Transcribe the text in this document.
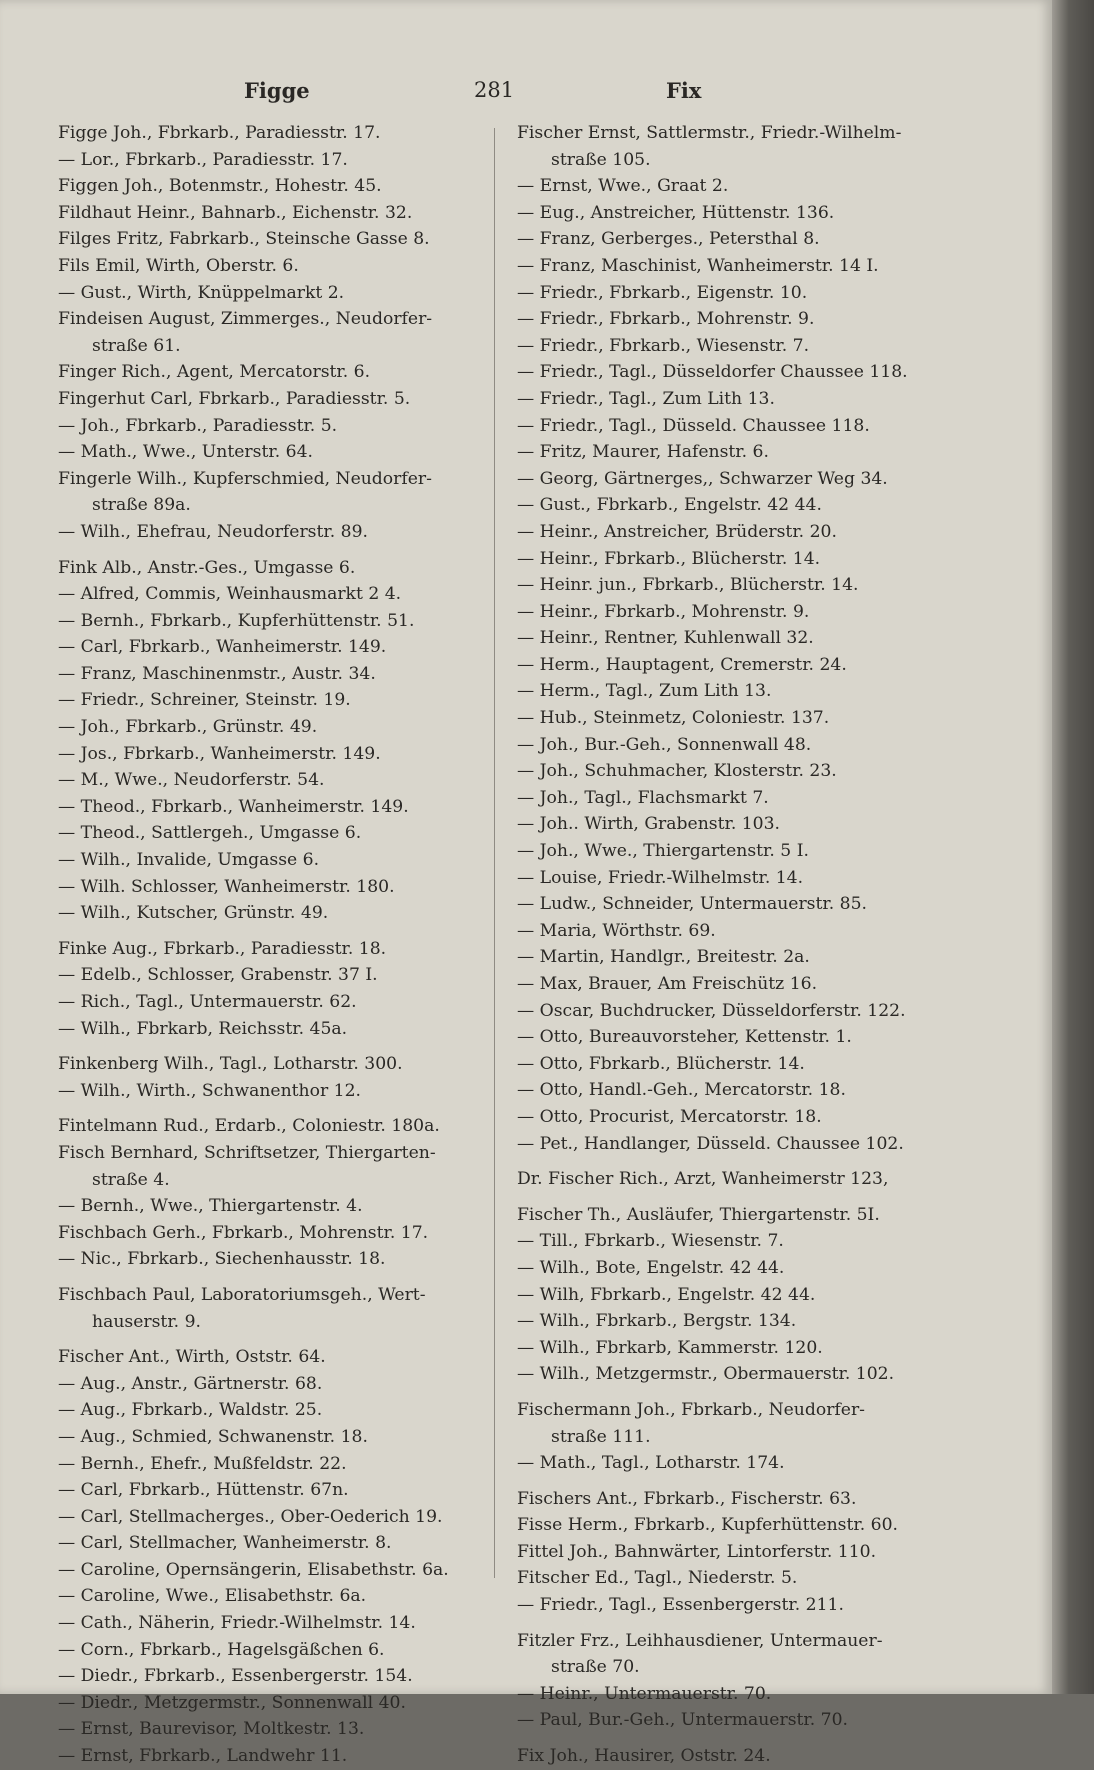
Figge	281	Fix
Figge Joh., Fbrkarb., Paradiesstr. 17.
— Lor., Fbrkarb., Paradiesstr. 17.
Figgen Joh., Botenmstr., Hohestr. 45.
Fildhaut Heinr., Bahnarb., Eichenstr. 32.
Filges Fritz, Fabrkarb., Steinsche Gasse 8.
Fils Emil, Wirth, Oberstr. 6.
— Gust., Wirth, Knüppelmarkt 2.
Findeisen August, Zimmerges., Neudorfer-
straße 61.
Finger Rich., Agent, Mercatorstr. 6.
Fingerhut Carl, Fbrkarb., Paradiesstr. 5.
— Joh., Fbrkarb., Paradiesstr. 5.
— Math., Wwe., Unterstr. 64.
Fingerle Wilh., Kupferschmied, Neudorfer-
straße 89a.
— Wilh., Ehefrau, Neudorferstr. 89.
Fink Alb., Anstr.-Ges., Umgasse 6.
— Alfred, Commis, Weinhausmarkt 2 4.
— Bernh., Fbrkarb., Kupferhüttenstr. 51.
— Carl, Fbrkarb., Wanheimerstr. 149.
— Franz, Maschinenmstr., Austr. 34.
— Friedr., Schreiner, Steinstr. 19.
— Joh., Fbrkarb., Grünstr. 49.
— Jos., Fbrkarb., Wanheimerstr. 149.
— M., Wwe., Neudorferstr. 54.
— Theod., Fbrkarb., Wanheimerstr. 149.
— Theod., Sattlergeh., Umgasse 6.
— Wilh., Invalide, Umgasse 6.
— Wilh. Schlosser, Wanheimerstr. 180.
— Wilh., Kutscher, Grünstr. 49.
Finke Aug., Fbrkarb., Paradiesstr. 18.
— Edelb., Schlosser, Grabenstr. 37 I.
— Rich., Tagl., Untermauerstr. 62.
— Wilh., Fbrkarb, Reichsstr. 45a.
Finkenberg Wilh., Tagl., Lotharstr. 300.
— Wilh., Wirth., Schwanenthor 12.
Fintelmann Rud., Erdarb., Coloniestr. 180a.
Fisch Bernhard, Schriftsetzer, Thiergarten-
straße 4.
— Bernh., Wwe., Thiergartenstr. 4.
Fischbach Gerh., Fbrkarb., Mohrenstr. 17.
— Nic., Fbrkarb., Siechenhausstr. 18.
Fischbach Paul, Laboratoriumsgeh., Wert-
hauserstr. 9.
Fischer Ant., Wirth, Oststr. 64.
— Aug., Anstr., Gärtnerstr. 68.
— Aug., Fbrkarb., Waldstr. 25.
— Aug., Schmied, Schwanenstr. 18.
— Bernh., Ehefr., Mußfeldstr. 22.
— Carl, Fbrkarb., Hüttenstr. 67n.
— Carl, Stellmacherges., Ober-Oederich 19.
— Carl, Stellmacher, Wanheimerstr. 8.
— Caroline, Opernsängerin, Elisabethstr. 6a.
— Caroline, Wwe., Elisabethstr. 6a.
— Cath., Näherin, Friedr.-Wilhelmstr. 14.
— Corn., Fbrkarb., Hagelsgäßchen 6.
— Diedr., Fbrkarb., Essenbergerstr. 154.
— Diedr., Metzgermstr., Sonnenwall 40.
— Ernst, Baurevisor, Moltkestr. 13.
— Ernst, Fbrkarb., Landwehr 11.
Fischer Ernst, Sattlermstr., Friedr.-Wilhelm-
straße 105.
— Ernst, Wwe., Graat 2.
— Eug., Anstreicher, Hüttenstr. 136.
— Franz, Gerberges., Petersthal 8.
— Franz, Maschinist, Wanheimerstr. 14 I.
— Friedr., Fbrkarb., Eigenstr. 10.
— Friedr., Fbrkarb., Mohrenstr. 9.
— Friedr., Fbrkarb., Wiesenstr. 7.
— Friedr., Tagl., Düsseldorfer Chaussee 118.
— Friedr., Tagl., Zum Lith 13.
— Friedr., Tagl., Düsseld. Chaussee 118.
— Fritz, Maurer, Hafenstr. 6.
— Georg, Gärtnerges,, Schwarzer Weg 34.
— Gust., Fbrkarb., Engelstr. 42 44.
— Heinr., Anstreicher, Brüderstr. 20.
— Heinr., Fbrkarb., Blücherstr. 14.
— Heinr. jun., Fbrkarb., Blücherstr. 14.
— Heinr., Fbrkarb., Mohrenstr. 9.
— Heinr., Rentner, Kuhlenwall 32.
— Herm., Hauptagent, Cremerstr. 24.
— Herm., Tagl., Zum Lith 13.
— Hub., Steinmetz, Coloniestr. 137.
— Joh., Bur.-Geh., Sonnenwall 48.
— Joh., Schuhmacher, Klosterstr. 23.
— Joh., Tagl., Flachsmarkt 7.
— Joh.. Wirth, Grabenstr. 103.
— Joh., Wwe., Thiergartenstr. 5 I.
— Louise, Friedr.-Wilhelmstr. 14.
— Ludw., Schneider, Untermauerstr. 85.
— Maria, Wörthstr. 69.
— Martin, Handlgr., Breitestr. 2a.
— Max, Brauer, Am Freischütz 16.
— Oscar, Buchdrucker, Düsseldorferstr. 122.
— Otto, Bureauvorsteher, Kettenstr. 1.
— Otto, Fbrkarb., Blücherstr. 14.
— Otto, Handl.-Geh., Mercatorstr. 18.
— Otto, Procurist, Mercatorstr. 18.
— Pet., Handlanger, Düsseld. Chaussee 102.
Dr. Fischer Rich., Arzt, Wanheimerstr 123,
Fischer Th., Ausläufer, Thiergartenstr. 5I.
— Till., Fbrkarb., Wiesenstr. 7.
— Wilh., Bote, Engelstr. 42 44.
— Wilh, Fbrkarb., Engelstr. 42 44.
— Wilh., Fbrkarb., Bergstr. 134.
— Wilh., Fbrkarb, Kammerstr. 120.
— Wilh., Metzgermstr., Obermauerstr. 102.
Fischermann Joh., Fbrkarb., Neudorfer-
straße 111.
— Math., Tagl., Lotharstr. 174.
Fischers Ant., Fbrkarb., Fischerstr. 63.
Fisse Herm., Fbrkarb., Kupferhüttenstr. 60.
Fittel Joh., Bahnwärter, Lintorferstr. 110.
Fitscher Ed., Tagl., Niederstr. 5.
— Friedr., Tagl., Essenbergerstr. 211.
Fitzler Frz., Leihhausdiener, Untermauer-
straße 70.
— Heinr., Untermauerstr. 70.
— Paul, Bur.-Geh., Untermauerstr. 70.
Fix Joh., Hausirer, Oststr. 24.
